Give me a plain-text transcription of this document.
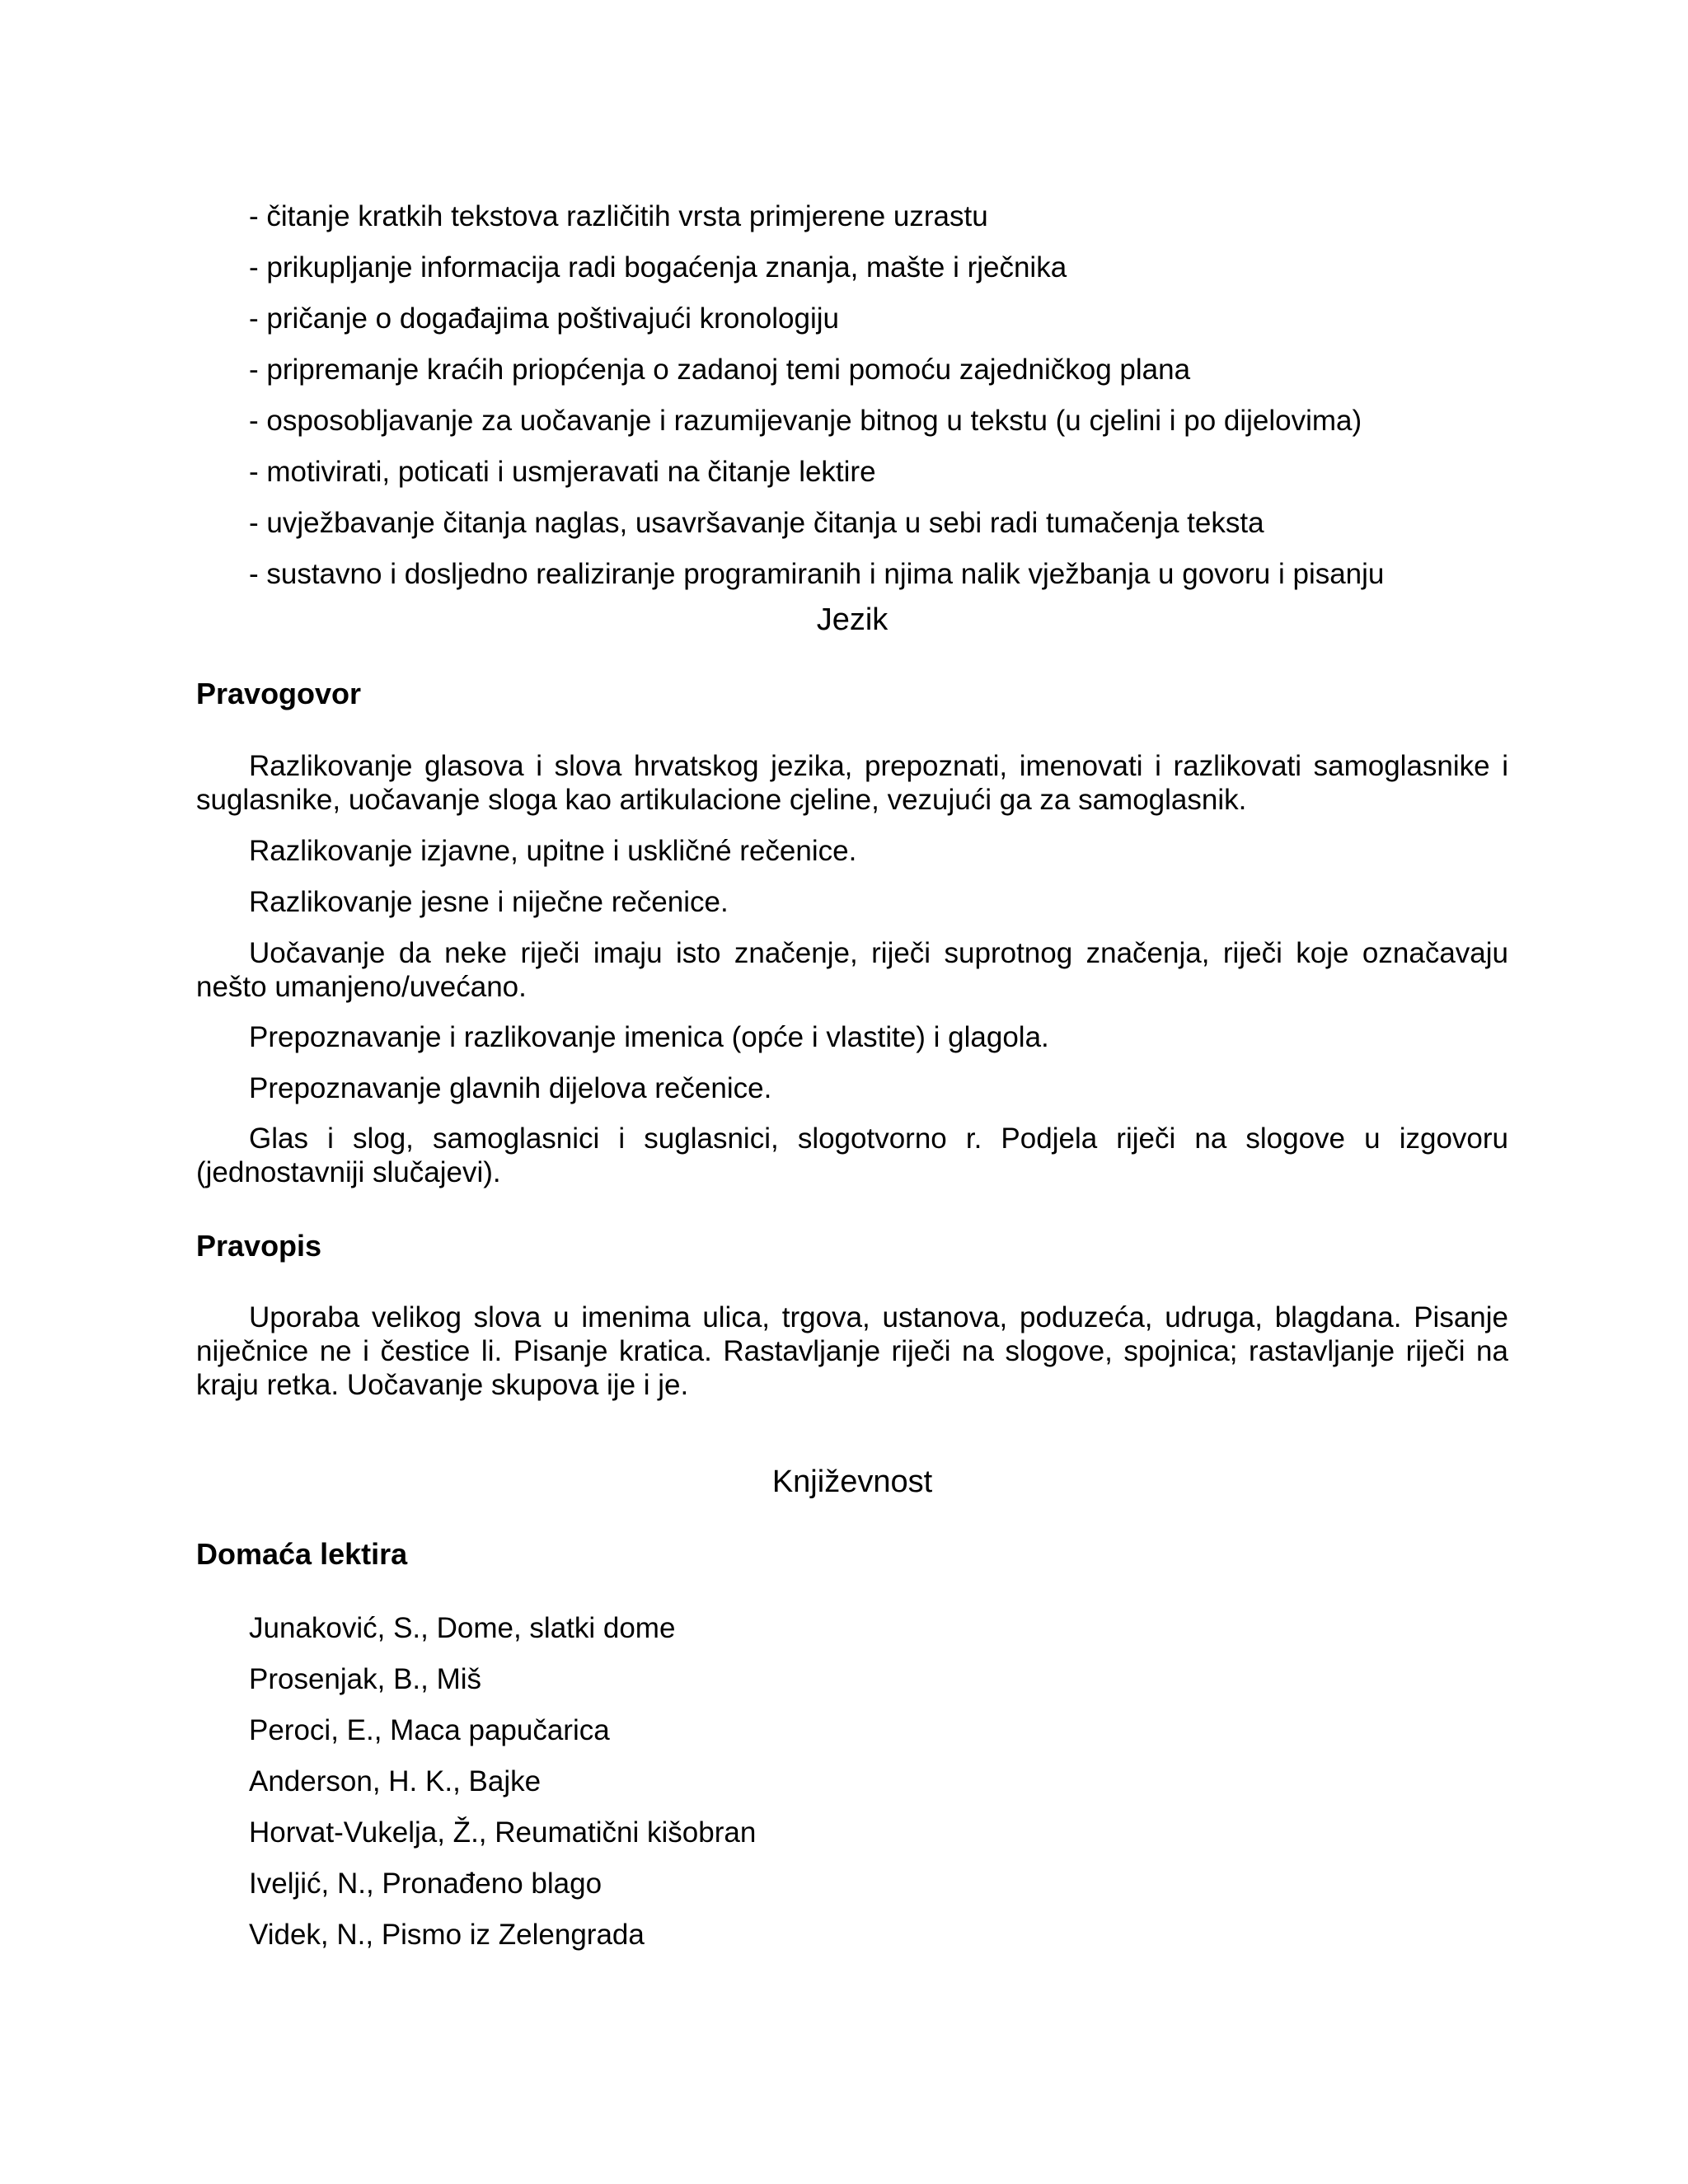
- čitanje kratkih tekstova različitih vrsta primjerene uzrastu
- prikupljanje informacija radi bogaćenja znanja, mašte i rječnika
- pričanje o događajima poštivajući kronologiju
- pripremanje kraćih priopćenja o zadanoj temi pomoću zajedničkog plana
- osposobljavanje za uočavanje i razumijevanje bitnog u tekstu (u cjelini i po dijelovima)
- motivirati, poticati i usmjeravati na čitanje lektire
- uvježbavanje čitanja naglas, usavršavanje čitanja u sebi radi tumačenja teksta
- sustavno i dosljedno realiziranje programiranih i njima nalik vježbanja u govoru i pisanju
Jezik
Pravogovor

Razlikovanje glasova i slova hrvatskog jezika, prepoznati, imenovati i razlikovati samoglasnike i suglasnike, uočavanje sloga kao artikulacione cjeline, vezujući ga za samoglasnik.

Razlikovanje izjavne, upitne i uskličné rečenice.

Razlikovanje jesne i niječne rečenice.

Uočavanje da neke riječi imaju isto značenje, riječi suprotnog značenja, riječi koje označavaju nešto umanjeno/uvećano.

Prepoznavanje i razlikovanje imenica (opće i vlastite) i glagola.

Prepoznavanje glavnih dijelova rečenice.

Glas i slog, samoglasnici i suglasnici, slogotvorno r. Podjela riječi na slogove u izgovoru (jednostavniji slučajevi).

Pravopis

Uporaba velikog slova u imenima ulica, trgova, ustanova, poduzeća, udruga, blagdana. Pisanje niječnice ne i čestice li. Pisanje kratica. Rastavljanje riječi na slogove, spojnica; rastavljanje riječi na kraju retka. Uočavanje skupova ije i je.

Književnost
Domaća lektira
Junaković, S., Dome, slatki dome
Prosenjak, B., Miš
Peroci, E., Maca papučarica
Anderson, H. K., Bajke
Horvat-Vukelja, Ž., Reumatični kišobran
Iveljić, N., Pronađeno blago
Videk, N., Pismo iz Zelengrada
